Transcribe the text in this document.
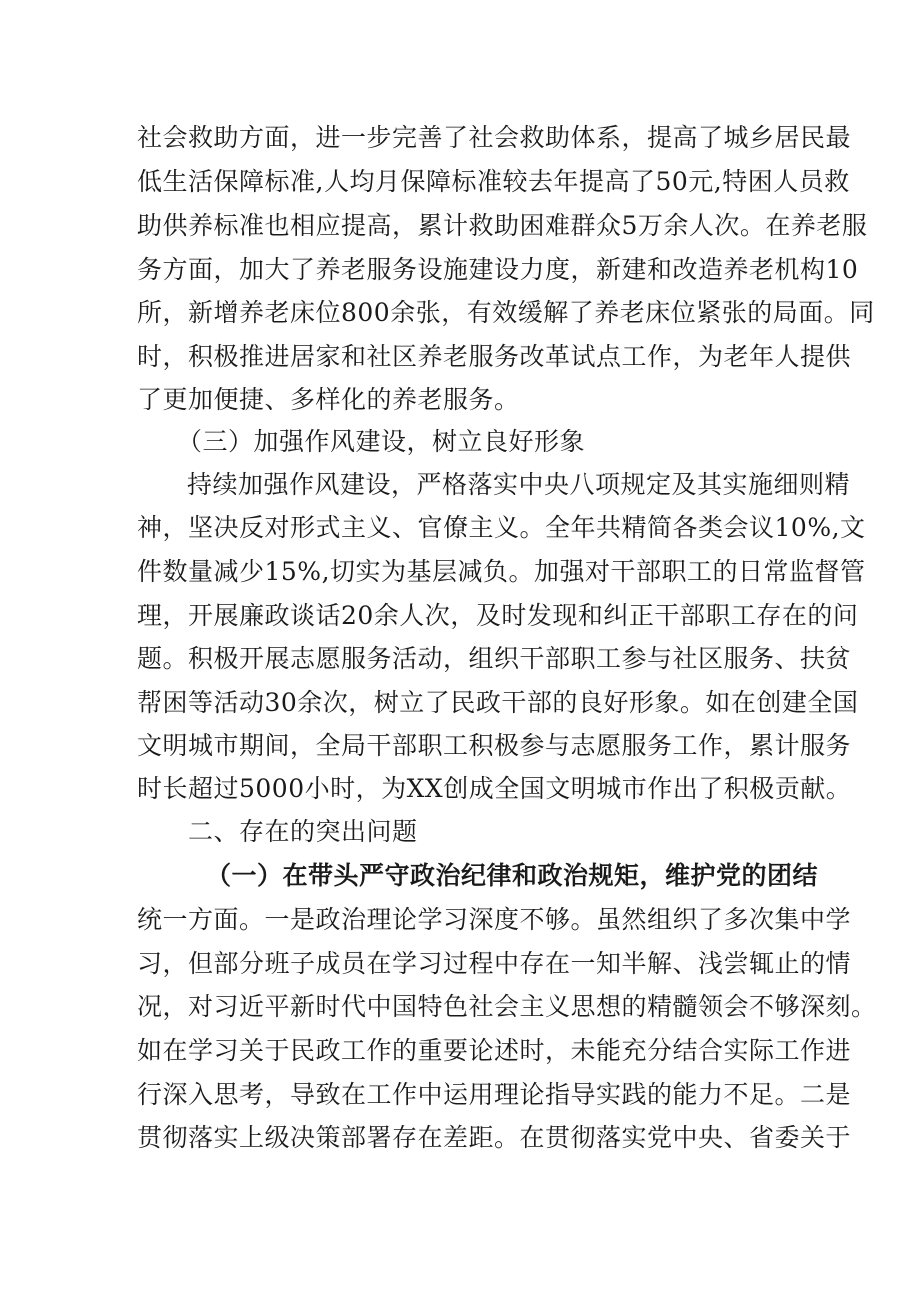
社会救助方面，进一步完善了社会救助体系，提高了城乡居民最
低生活保障标准,人均月保障标准较去年提高了50元,特困人员救
助供养标准也相应提高，累计救助困难群众5万余人次。在养老服
务方面，加大了养老服务设施建设力度，新建和改造养老机构10
所，新增养老床位800余张，有效缓解了养老床位紧张的局面。同
时，积极推进居家和社区养老服务改革试点工作，为老年人提供
了更加便捷、多样化的养老服务。
（三）加强作风建设，树立良好形象
持续加强作风建设，严格落实中央八项规定及其实施细则精
神，坚决反对形式主义、官僚主义。全年共精简各类会议10%,文
件数量减少15%,切实为基层减负。加强对干部职工的日常监督管
理，开展廉政谈话20余人次，及时发现和纠正干部职工存在的问
题。积极开展志愿服务活动，组织干部职工参与社区服务、扶贫
帮困等活动30余次，树立了民政干部的良好形象。如在创建全国
文明城市期间，全局干部职工积极参与志愿服务工作，累计服务
时长超过5000小时，为XX创成全国文明城市作出了积极贡献。
二、存在的突出问题
（一）在带头严守政治纪律和政治规矩，维护党的团结
统一方面。一是政治理论学习深度不够。虽然组织了多次集中学
习，但部分班子成员在学习过程中存在一知半解、浅尝辄止的情
况，对习近平新时代中国特色社会主义思想的精髓领会不够深刻。
如在学习关于民政工作的重要论述时，未能充分结合实际工作进
行深入思考，导致在工作中运用理论指导实践的能力不足。二是
贯彻落实上级决策部署存在差距。在贯彻落实党中央、省委关于
